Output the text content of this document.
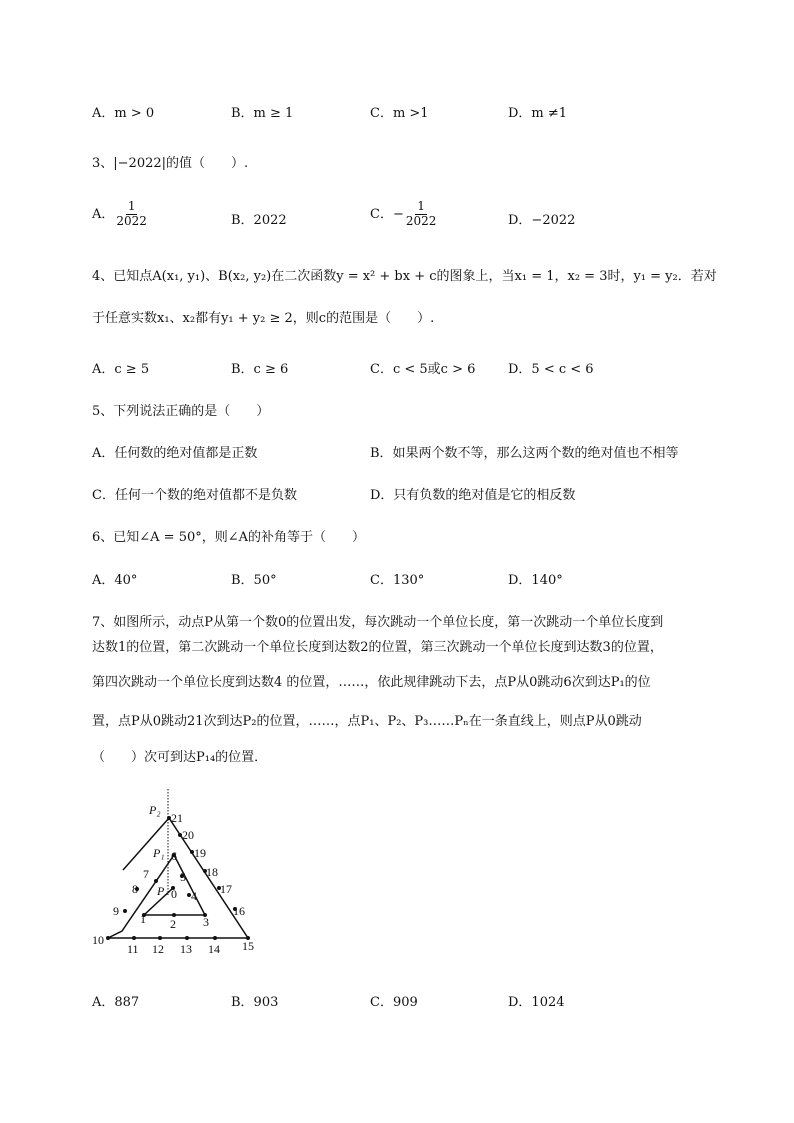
A．m > 0	B．m ≥ 1	C．m >1	D．m ≠1
3、|−2022|的值（　　）.
A． $\frac{1}{2022}$	B．2022	C．− $\frac{1}{2022}$	D．−2022
4、已知点A(x₁, y₁)、B(x₂, y₂)在二次函数y = x² + bx + c的图象上，当x₁ = 1，x₂ = 3时，y₁ = y₂．若对
于任意实数x₁、x₂都有y₁ + y₂ ≥ 2，则c的范围是（　　）.
A．c ≥ 5	B．c ≥ 6	C．c < 5或c > 6	D．5 < c < 6
5、下列说法正确的是（　　）
A．任何数的绝对值都是正数	B．如果两个数不等，那么这两个数的绝对值也不相等
C．任何一个数的绝对值都不是负数	D．只有负数的绝对值是它的相反数
6、已知∠A = 50°，则∠A的补角等于（　　）
A．40°	B．50°	C．130°	D．140°
7、如图所示，动点P从第一个数0的位置出发，每次跳动一个单位长度，第一次跳动一个单位长度到
达数1的位置，第二次跳动一个单位长度到达数2的位置，第三次跳动一个单位长度到达数3的位置，
第四次跳动一个单位长度到达数4 的位置，……，依此规律跳动下去，点P从0跳动6次到达P₁的位
置，点P从0跳动21次到达P₂的位置，……，点P₁、P₂、P₃……Pₙ在一条直线上，则点P从0跳动
（　　）次可到达P₁₄的位置．
P₂
P₁
P 0
1 2 3
4
5
6
7
8
9
10
11 12 13 14 15
16
17
18
19
20
21
A．887	B．903	C．909	D．1024
